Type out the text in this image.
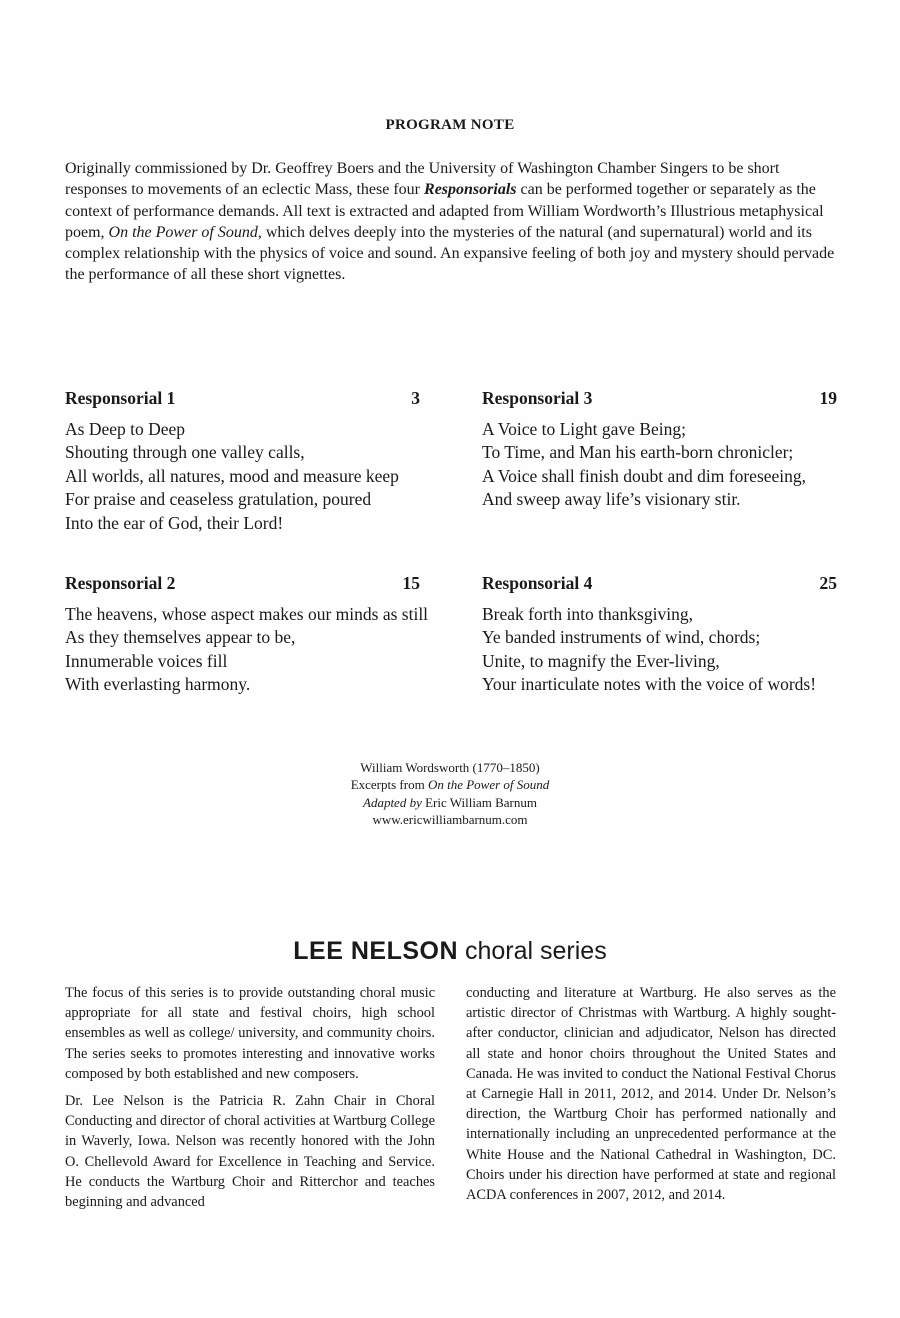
PROGRAM NOTE

Originally commissioned by Dr. Geoffrey Boers and the University of Washington Chamber Singers to be short responses to movements of an eclectic Mass, these four Responsorials can be performed together or separately as the context of performance demands. All text is extracted and adapted from William Wordworth’s Illustrious metaphysical poem, On the Power of Sound, which delves deeply into the mysteries of the natural (and supernatural) world and its complex relationship with the physics of voice and sound. An expansive feeling of both joy and mystery should pervade the performance of all these short vignettes.

Responsorial 1	3
As Deep to Deep
Shouting through one valley calls,
All worlds, all natures, mood and measure keep
For praise and ceaseless gratulation, poured
Into the ear of God, their Lord!
Responsorial 2	15
The heavens, whose aspect makes our minds as still
As they themselves appear to be,
Innumerable voices fill
With everlasting harmony.
Responsorial 3	19
A Voice to Light gave Being;
To Time, and Man his earth-born chronicler;
A Voice shall finish doubt and dim foreseeing,
And sweep away life’s visionary stir.
Responsorial 4	25
Break forth into thanksgiving,
Ye banded instruments of wind, chords;
Unite, to magnify the Ever-living,
Your inarticulate notes with the voice of words!
William Wordsworth (1770–1850)
Excerpts from On the Power of Sound
Adapted by Eric William Barnum
www.ericwilliambarnum.com
LEE NELSON choral series

The focus of this series is to provide outstanding choral music appropriate for all state and festival choirs, high school ensembles as well as college/ university, and community choirs. The series seeks to promotes interesting and innovative works composed by both established and new composers.

Dr. Lee Nelson is the Patricia R. Zahn Chair in Choral Conducting and director of choral activities at Wartburg College in Waverly, Iowa. Nelson was recently honored with the John O. Chellevold Award for Excellence in Teaching and Service. He conducts the Wartburg Choir and Ritterchor and teaches beginning and advanced

conducting and literature at Wartburg. He also serves as the artistic director of Christmas with Wartburg. A highly sought-after conductor, clinician and adjudicator, Nelson has directed all state and honor choirs throughout the United States and Canada. He was invited to conduct the National Festival Chorus at Carnegie Hall in 2011, 2012, and 2014. Under Dr. Nelson’s direction, the Wartburg Choir has performed nationally and internationally including an unprecedented performance at the White House and the National Cathedral in Washington, DC. Choirs under his direction have performed at state and regional ACDA conferences in 2007, 2012, and 2014.
